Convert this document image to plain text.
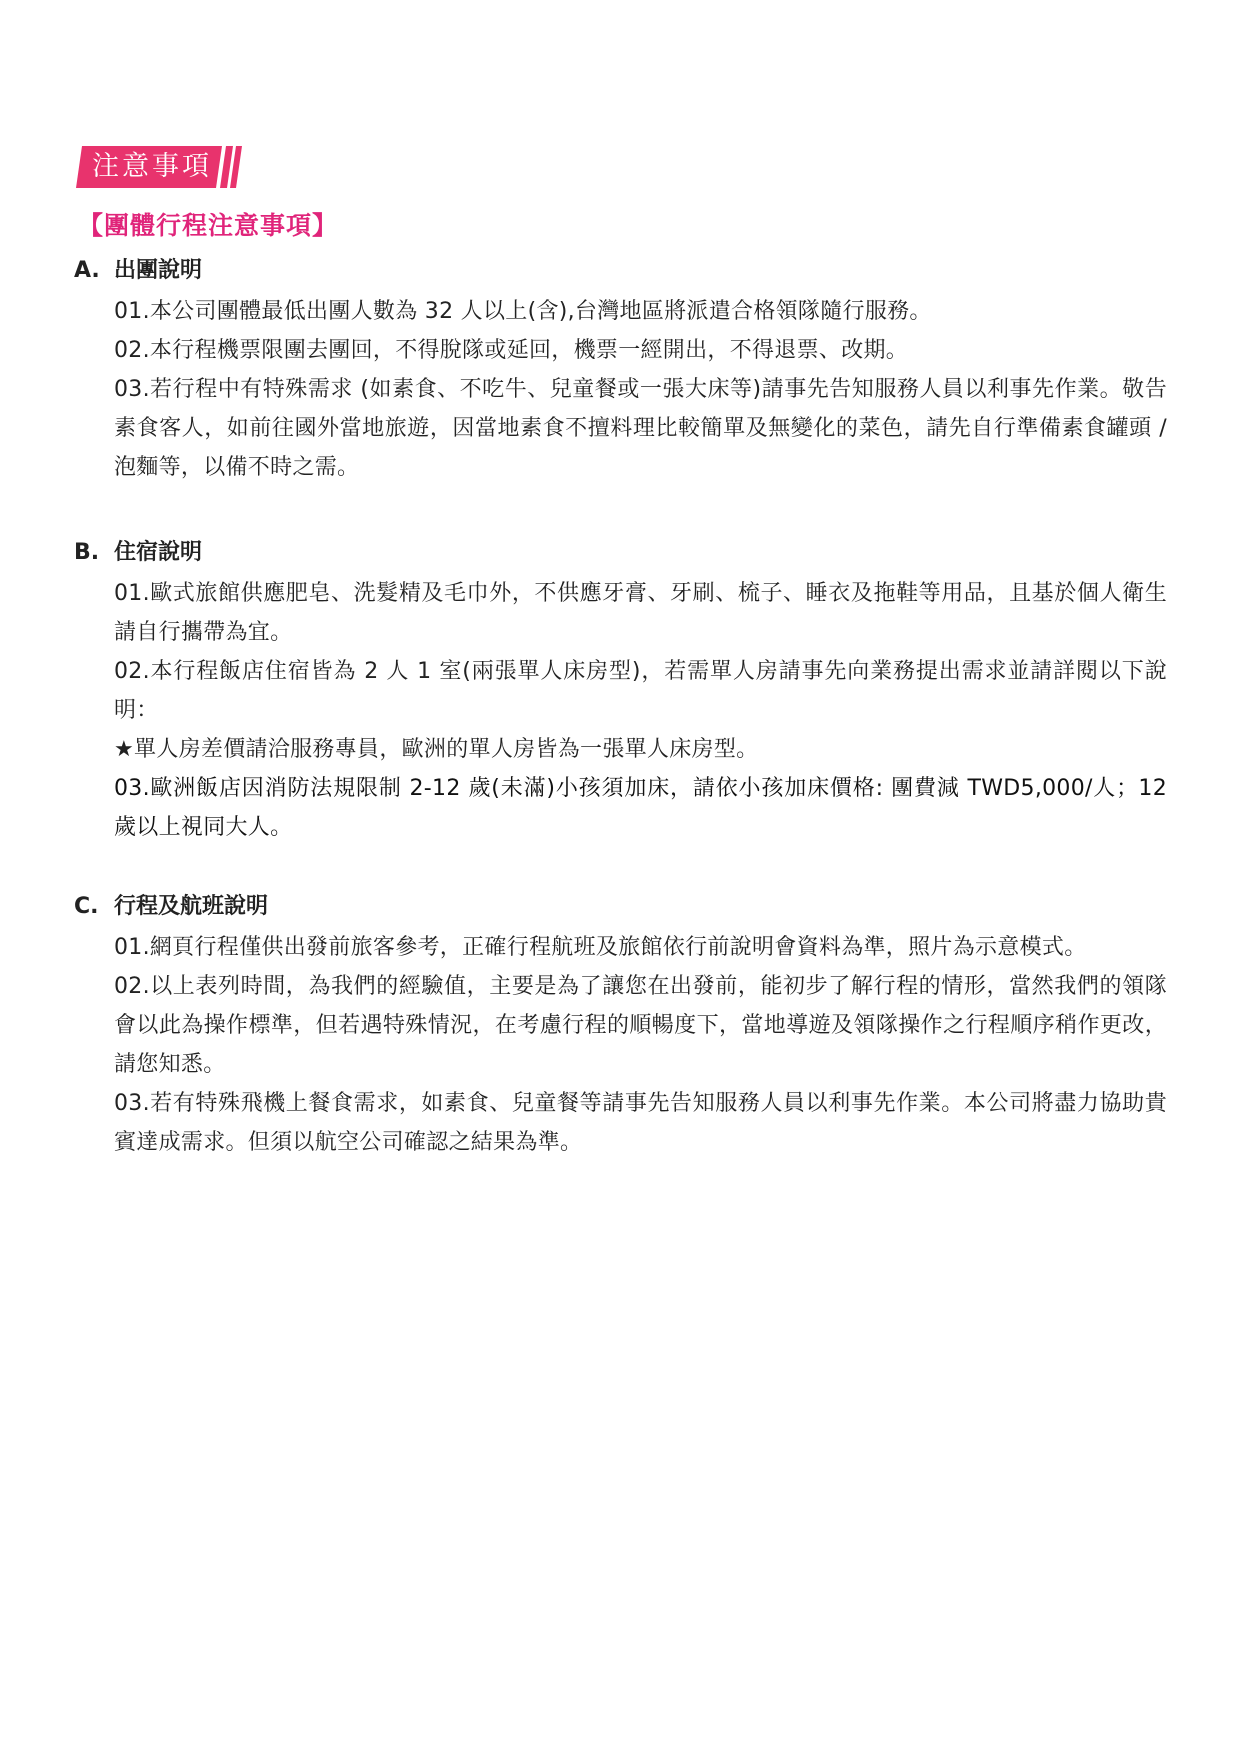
注意事項
【團體行程注意事項】
A. 出團說明

01.本公司團體最低出團人數為 32 人以上(含),台灣地區將派遣合格領隊隨行服務。

02.本行程機票限團去團回，不得脫隊或延回，機票一經開出，不得退票、改期。

03.若行程中有特殊需求 (如素食、不吃牛、兒童餐或一張大床等)請事先告知服務人員以利事先作業。敬告素食客人，如前往國外當地旅遊，因當地素食不擅料理比較簡單及無變化的菜色，請先自行準備素食罐頭 / 泡麵等，以備不時之需。

B. 住宿說明

01.歐式旅館供應肥皂、洗髮精及毛巾外，不供應牙膏、牙刷、梳子、睡衣及拖鞋等用品，且基於個人衛生請自行攜帶為宜。

02.本行程飯店住宿皆為 2 人 1 室(兩張單人床房型)，若需單人房請事先向業務提出需求並請詳閱以下說明：

★單人房差價請洽服務專員，歐洲的單人房皆為一張單人床房型。

03.歐洲飯店因消防法規限制 2-12 歲(未滿)小孩須加床，請依小孩加床價格: 團費減 TWD5,000/人；12 歲以上視同大人。

C. 行程及航班說明

01.網頁行程僅供出發前旅客參考，正確行程航班及旅館依行前說明會資料為準，照片為示意模式。

02.以上表列時間，為我們的經驗值，主要是為了讓您在出發前，能初步了解行程的情形，當然我們的領隊會以此為操作標準，但若遇特殊情況，在考慮行程的順暢度下，當地導遊及領隊操作之行程順序稍作更改，請您知悉。

03.若有特殊飛機上餐食需求，如素食、兒童餐等請事先告知服務人員以利事先作業。本公司將盡力協助貴賓達成需求。但須以航空公司確認之結果為準。
